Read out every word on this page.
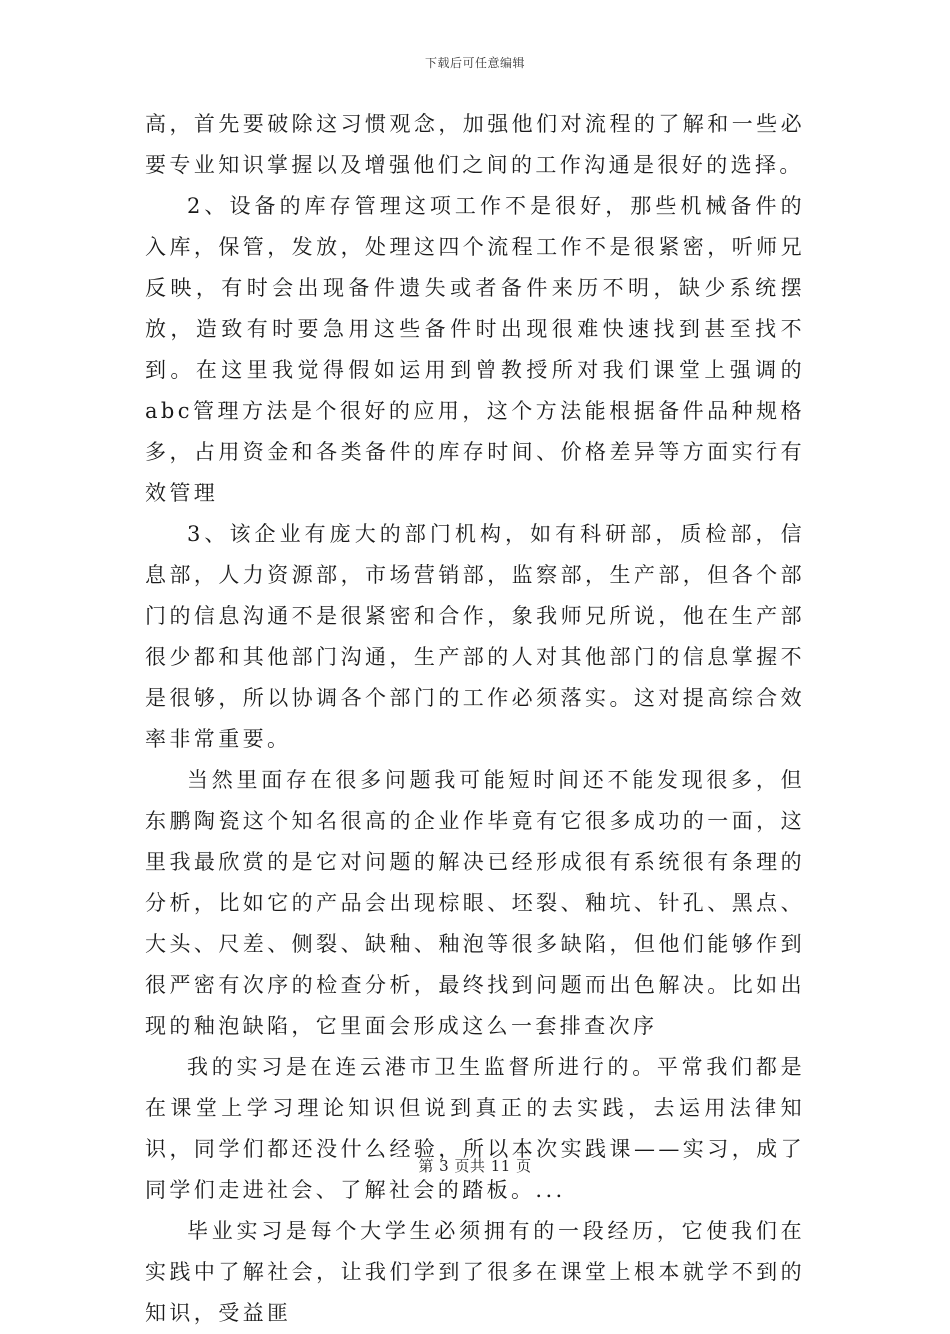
下载后可任意编辑

高，首先要破除这习惯观念，加强他们对流程的了解和一些必要专业知识掌握以及增强他们之间的工作沟通是很好的选择。

2、设备的库存管理这项工作不是很好，那些机械备件的入库，保管，发放，处理这四个流程工作不是很紧密，听师兄反映，有时会出现备件遗失或者备件来历不明，缺少系统摆放，造致有时要急用这些备件时出现很难快速找到甚至找不到。在这里我觉得假如运用到曾教授所对我们课堂上强调的abc管理方法是个很好的应用，这个方法能根据备件品种规格多，占用资金和各类备件的库存时间、价格差异等方面实行有效管理

3、该企业有庞大的部门机构，如有科研部，质检部，信息部，人力资源部，市场营销部，监察部，生产部，但各个部门的信息沟通不是很紧密和合作，象我师兄所说，他在生产部很少都和其他部门沟通，生产部的人对其他部门的信息掌握不是很够，所以协调各个部门的工作必须落实。这对提高综合效率非常重要。

当然里面存在很多问题我可能短时间还不能发现很多，但东鹏陶瓷这个知名很高的企业作毕竟有它很多成功的一面，这里我最欣赏的是它对问题的解决已经形成很有系统很有条理的分析，比如它的产品会出现棕眼、坯裂、釉坑、针孔、黑点、大头、尺差、侧裂、缺釉、釉泡等很多缺陷，但他们能够作到很严密有次序的检查分析，最终找到问题而出色解决。比如出现的釉泡缺陷，它里面会形成这么一套排查次序

我的实习是在连云港市卫生监督所进行的。平常我们都是在课堂上学习理论知识但说到真正的去实践，去运用法律知识，同学们都还没什么经验，所以本次实践课——实习，成了同学们走进社会、了解社会的踏板。...

毕业实习是每个大学生必须拥有的一段经历，它使我们在实践中了解社会，让我们学到了很多在课堂上根本就学不到的知识，受益匪

第 3 页共 11 页
